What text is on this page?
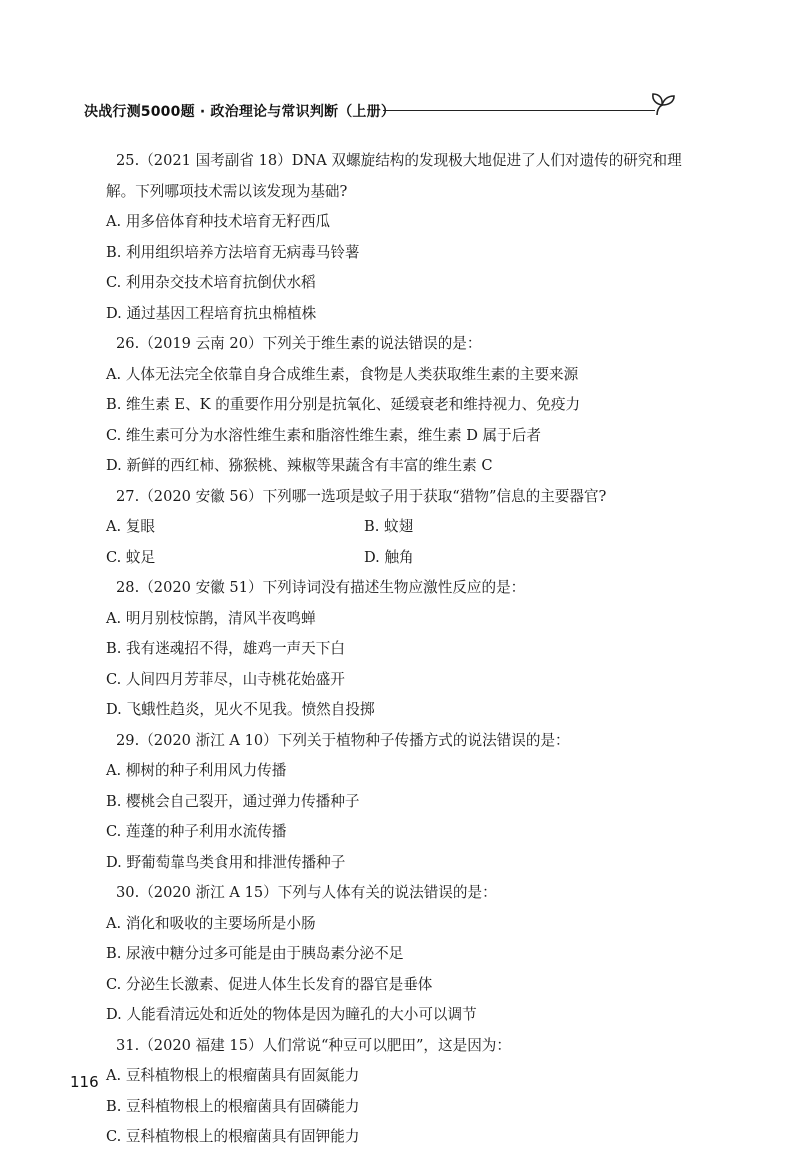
决战行测5000题 · 政治理论与常识判断（上册）

25.（2021 国考副省 18）DNA 双螺旋结构的发现极大地促进了人们对遗传的研究和理解。下列哪项技术需以该发现为基础?

A. 用多倍体育种技术培育无籽西瓜

B. 利用组织培养方法培育无病毒马铃薯

C. 利用杂交技术培育抗倒伏水稻

D. 通过基因工程培育抗虫棉植株

26.（2019 云南 20）下列关于维生素的说法错误的是：

A. 人体无法完全依靠自身合成维生素，食物是人类获取维生素的主要来源

B. 维生素 E、K 的重要作用分别是抗氧化、延缓衰老和维持视力、免疫力

C. 维生素可分为水溶性维生素和脂溶性维生素，维生素 D 属于后者

D. 新鲜的西红柿、猕猴桃、辣椒等果蔬含有丰富的维生素 C

27.（2020 安徽 56）下列哪一选项是蚊子用于获取“猎物”信息的主要器官?

A. 复眼	B. 蚊翅

C. 蚊足	D. 触角

28.（2020 安徽 51）下列诗词没有描述生物应激性反应的是：

A. 明月别枝惊鹊，清风半夜鸣蝉

B. 我有迷魂招不得，雄鸡一声天下白

C. 人间四月芳菲尽，山寺桃花始盛开

D. 飞蛾性趋炎，见火不见我。愤然自投掷

29.（2020 浙江 A 10）下列关于植物种子传播方式的说法错误的是：

A. 柳树的种子利用风力传播

B. 樱桃会自己裂开，通过弹力传播种子

C. 莲蓬的种子利用水流传播

D. 野葡萄靠鸟类食用和排泄传播种子

30.（2020 浙江 A 15）下列与人体有关的说法错误的是：

A. 消化和吸收的主要场所是小肠

B. 尿液中糖分过多可能是由于胰岛素分泌不足

C. 分泌生长激素、促进人体生长发育的器官是垂体

D. 人能看清远处和近处的物体是因为瞳孔的大小可以调节

31.（2020 福建 15）人们常说“种豆可以肥田”，这是因为：

A. 豆科植物根上的根瘤菌具有固氮能力

B. 豆科植物根上的根瘤菌具有固磷能力

C. 豆科植物根上的根瘤菌具有固钾能力

116
